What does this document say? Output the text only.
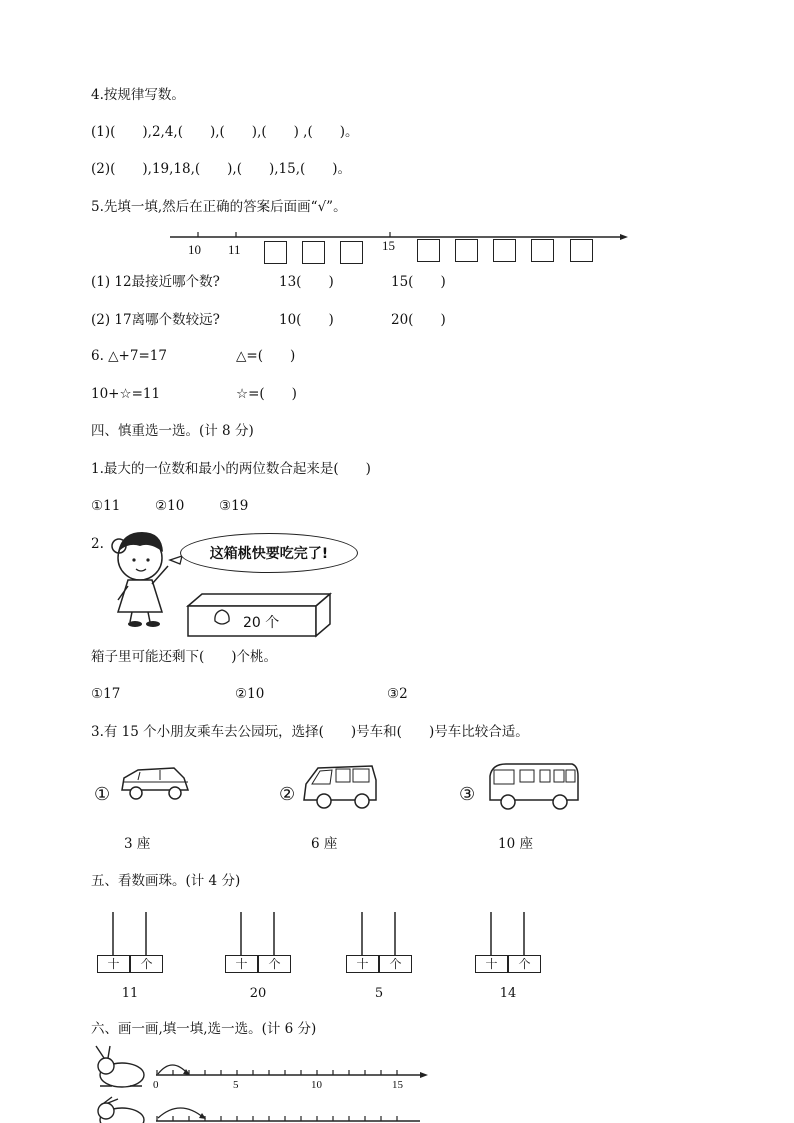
4.按规律写数。
(1)(　　),2,4,(　　),(　　),(　　) ,(　　)。
(2)(　　),19,18,(　　),(　　),15,(　　)。
5.先填一填,然后在正确的答案后面画“√”。
10 11	15
(1) 12最接近哪个数?	13(　　)	15(　　)
(2) 17离哪个数较远?	10(　　)	20(　　)
6. △+7=17	△=(　　)
10+☆=11	☆=(　　)
四、慎重选一选。(计 8 分)
1.最大的一位数和最小的两位数合起来是(　　)
①11	②10	③19
2.
这箱桃快要吃完了!
20 个
箱子里可能还剩下(　　)个桃。
①17	②10	③2
3.有 15 个小朋友乘车去公园玩，选择(　　)号车和(　　)号车比较合适。
①	②	③
3 座	6 座	10 座
五、看数画珠。(计 4 分)
十	个	十	个	十	个	十	个
11	20	5	14
六、画一画,填一填,选一选。(计 6 分)
0	5	10	15
